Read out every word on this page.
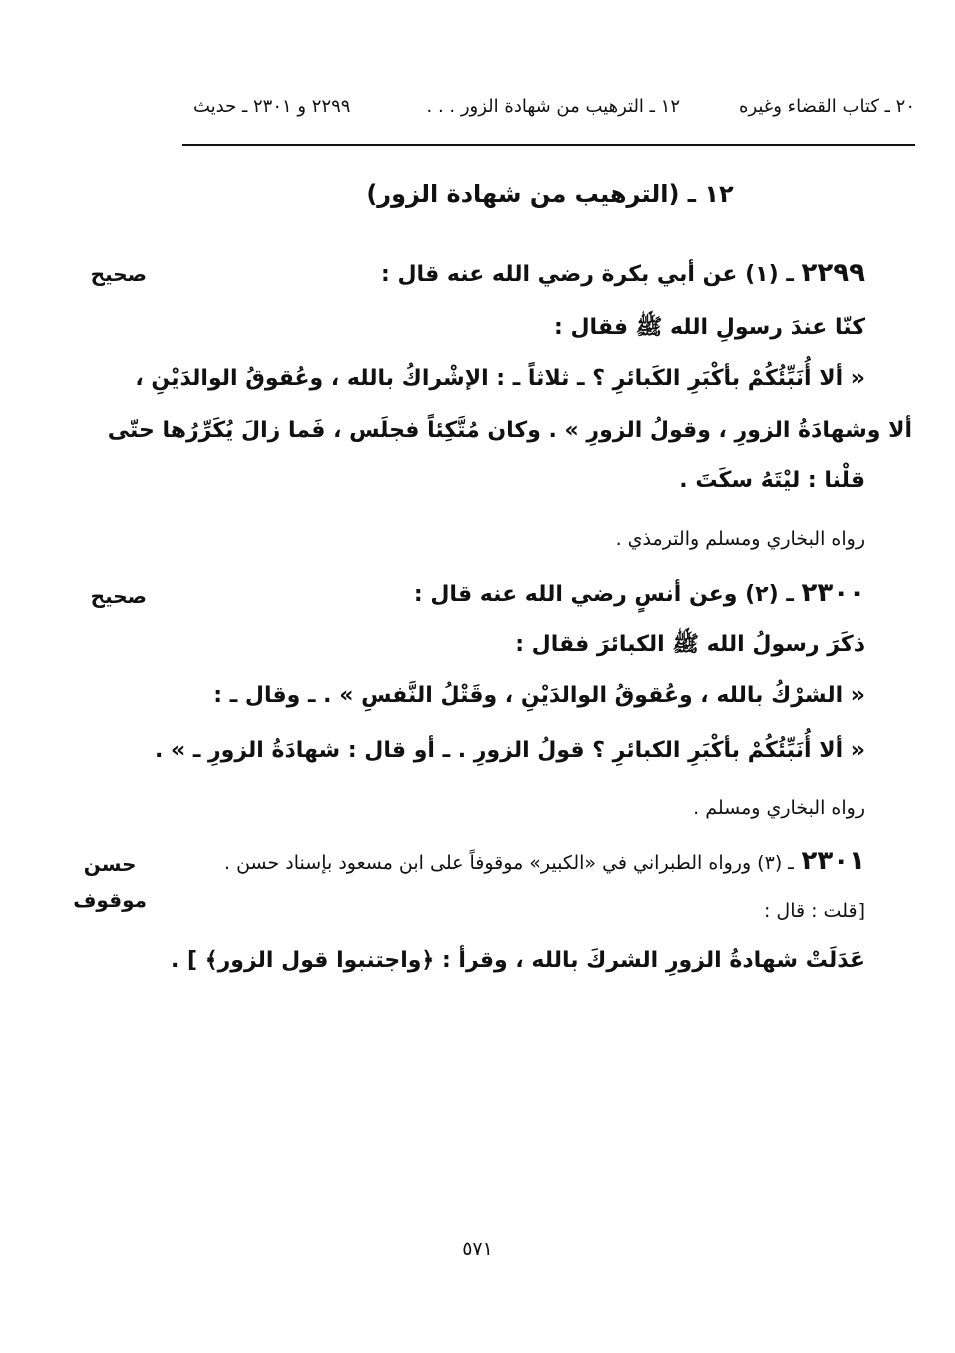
٢٠ ـ كتاب القضاء وغيره
١٢ ـ الترهيب من شهادة الزور . . .
٢٢٩٩ و ٢٣٠١ ـ حديث
١٢ ـ (الترهيب من شهادة الزور)
صحيح	٢٢٩٩ ـ (١) عن أبي بكرة رضي الله عنه قال :
كنّا عندَ رسولِ الله ﷺ فقال :
« ألا أُنَبِّئُكُمْ بأكْبَرِ الكَبائرِ ؟ ـ ثلاثاً ـ : الإشْراكُ بالله ، وعُقوقُ الوالدَيْنِ ،
ألا وشهادَةُ الزورِ ، وقولُ الزورِ » . وكان مُتَّكِئاً فجلَس ، فَما زالَ يُكَرِّرُها حتّى
قلْنا : ليْتَهُ سكَتَ .
رواه البخاري ومسلم والترمذي .
صحيح	٢٣٠٠ ـ (٢) وعن أنسٍ رضي الله عنه قال :
ذكَرَ رسولُ الله ﷺ الكبائرَ فقال :
« الشرْكُ بالله ، وعُقوقُ الوالدَيْنِ ، وقَتْلُ النَّفسِ » . ـ وقال ـ :
« ألا أُنَبِّئُكُمْ بأكْبَرِ الكبائرِ ؟ قولُ الزورِ . ـ أو قال : شهادَةُ الزورِ ـ » .
رواه البخاري ومسلم .
حسن
موقوف
٢٣٠١ ـ (٣) ورواه الطبراني في «الكبير» موقوفاً على ابن مسعود بإسناد حسن .
[قلت : قال :
عَدَلَتْ شهادةُ الزورِ الشركَ بالله ، وقرأ : ﴿واجتنبوا قول الزور﴾ ] .
٥٧١
